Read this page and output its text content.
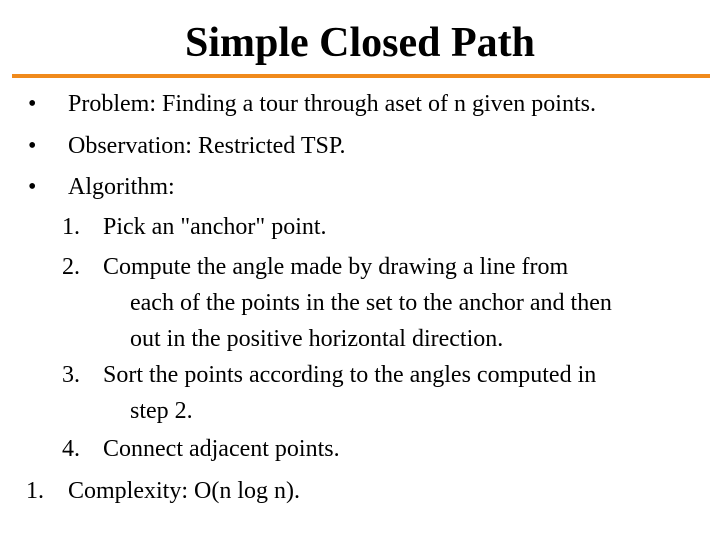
Simple Closed Path
• Problem: Finding a tour through aset of n given points.
• Observation: Restricted TSP.
• Algorithm:
1. Pick an "anchor" point.
2. Compute the angle made by drawing a line from
each of the points in the set to the anchor and then
out in the positive horizontal direction.
3. Sort the points according to the angles computed in
step 2.
4. Connect adjacent points.
1. Complexity: O(n log n).
